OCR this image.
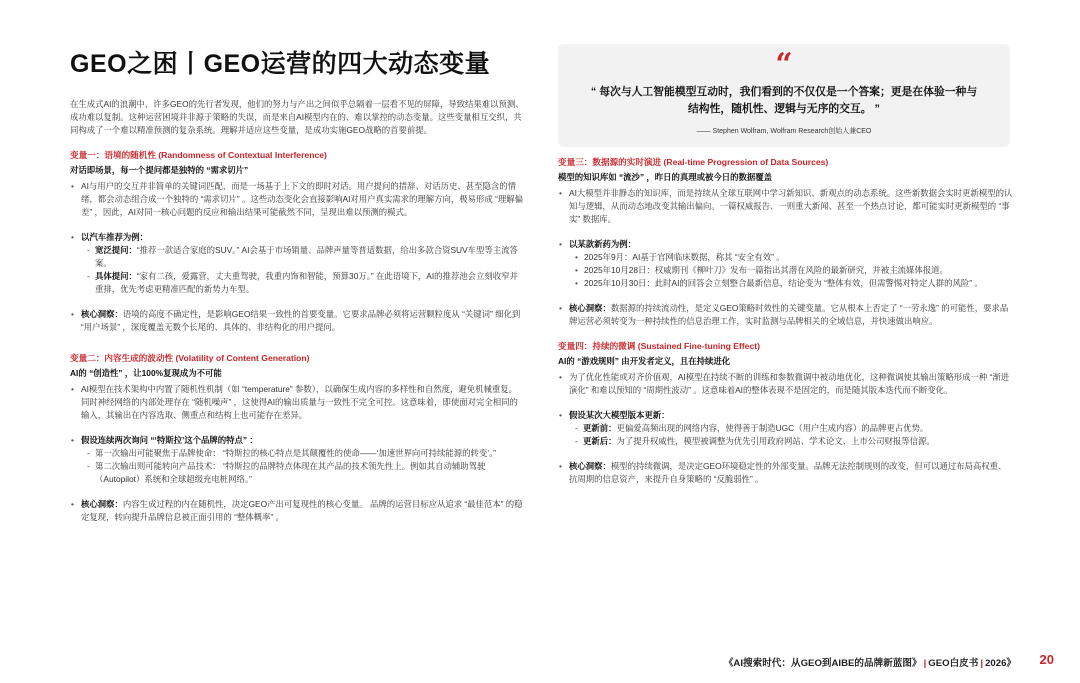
GEO之困丨GEO运营的四大动态变量

在生成式AI的浪潮中，许多GEO的先行者发现，他们的努力与产出之间似乎总隔着一层看不见的屏障，导致结果难以预测、成功难以复制。这种运营困境并非源于策略的失误，而是来自AI模型内在的、难以掌控的动态变量。这些变量相互交织，共同构成了一个难以精准预测的复杂系统。理解并适应这些变量，是成功实施GEO战略的首要前提。

变量一：语境的随机性 (Randomness of Contextual Interference)
对话即场景，每一个提问都是独特的 “需求切片”
• AI与用户的交互并非简单的关键词匹配，而是一场基于上下文的即时对话。用户提问的措辞、对话历史、甚至隐含的情绪，都会动态组合成一个独特的 “需求切片” 。这些动态变化会直接影响AI对用户真实需求的理解方向，极易形成 “理解偏差” ，因此，AI对同一核心问题的反应和输出结果可能截然不同，呈现出难以预测的模式。
• 以汽车推荐为例：
- 宽泛提问：“推荐一款适合家庭的SUV。” AI会基于市场销量、品牌声量等普适数据，给出多款合资SUV车型等主流答案。
- 具体提问：“家有二孩，爱露营，丈夫重驾驶，我重内饰和智能，预算30万。” 在此语境下，AI的推荐池会立刻收窄并重排，优先考虑更精准匹配的新势力车型。
• 核心洞察：语境的高度不确定性，是影响GEO结果一致性的首要变量。它要求品牌必须将运营颗粒度从 “关键词” 细化到 “用户场景” ，深度覆盖无数个长尾的、具体的、非结构化的用户提问。
变量二：内容生成的波动性 (Volatility of Content Generation)
AI的 “创造性” ，让100%复现成为不可能
• AI模型在技术架构中内置了随机性机制（如 “temperature” 参数），以确保生成内容的多样性和自然度，避免机械重复。同时神经网络的内部处理存在 “随机噪声” ，这使得AI的输出质量与一致性不完全可控。这意味着，即使面对完全相同的输入，其输出在内容选取、侧重点和结构上也可能存在差异。
• 假设连续两次询问 “‘特斯拉’这个品牌的特点” ：
- 第一次输出可能聚焦于品牌使命： “特斯拉的核心特点是其颠覆性的使命——‘加速世界向可持续能源的转变’。”
- 第二次输出则可能转向产品技术： “特斯拉的品牌特点体现在其产品的技术领先性上。例如其自动辅助驾驶（Autopilot）系统和全球超级充电桩网络。”
• 核心洞察：内容生成过程的内在随机性，决定GEO产出可复现性的核心变量。 品牌的运营目标应从追求 “最佳范本” 的稳定复现，转向提升品牌信息被正面引用的 “整体概率” 。
“
“ 每次与人工智能模型互动时，我们看到的不仅仅是一个答案；更是在体验一种与结构性，随机性、逻辑与无序的交互。 ”
—— Stephen Wolfram, Wolfram Research创始人兼CEO
变量三：数据源的实时演进 (Real-time Progression of Data Sources)
模型的知识库如 “流沙” ，昨日的真理或被今日的数据覆盖
• AI大模型并非静态的知识库，而是持续从全球互联网中学习新知识、新观点的动态系统。这些新数据会实时更新模型的认知与逻辑，从而动态地改变其输出偏向。一篇权威报告、一则重大新闻、甚至一个热点讨论，都可能实时更新模型的 “事实” 数据库。
• 以某款新药为例：
• 2025年9月：AI基于官网临床数据，称其 “安全有效” 。
• 2025年10月28日：权威期刊《柳叶刀》发布一篇指出其潜在风险的最新研究，并被主流媒体报道。
• 2025年10月30日：此时AI的回答会立刻整合最新信息，结论变为 “整体有效，但需警惕对特定人群的风险” 。
• 核心洞察：数据源的持续流动性，是定义GEO策略时效性的关键变量。它从根本上否定了 “一劳永逸” 的可能性，要求品牌运营必须转变为一种持续性的信息治理工作，实时监测与品牌相关的全域信息，并快速做出响应。
变量四：持续的微调 (Sustained Fine-tuning Effect)
AI的 “游戏规则” 由开发者定义，且在持续进化
• 为了优化性能或对齐价值观，AI模型在持续不断的训练和参数微调中被动地优化，这种微调使其输出策略形成一种 “渐进演化” 和难以预知的 “周期性波动” 。这意味着AI的整体表现不是固定的，而是随其版本迭代而不断变化。
• 假设某次大模型版本更新：
- 更新前：更偏爱高频出现的网络内容，使得善于制造UGC（用户生成内容）的品牌更占优势。
- 更新后：为了提升权威性，模型被调整为优先引用政府网站、学术论文、上市公司财报等信源。
• 核心洞察：模型的持续微调，是决定GEO环境稳定性的外部变量。品牌无法控制规则的改变，但可以通过布局高权重、抗周期的信息资产，来提升自身策略的 “反脆弱性” 。
《AI搜索时代：从GEO到AIBE的品牌新蓝图》 | GEO白皮书 | 2026》 20
